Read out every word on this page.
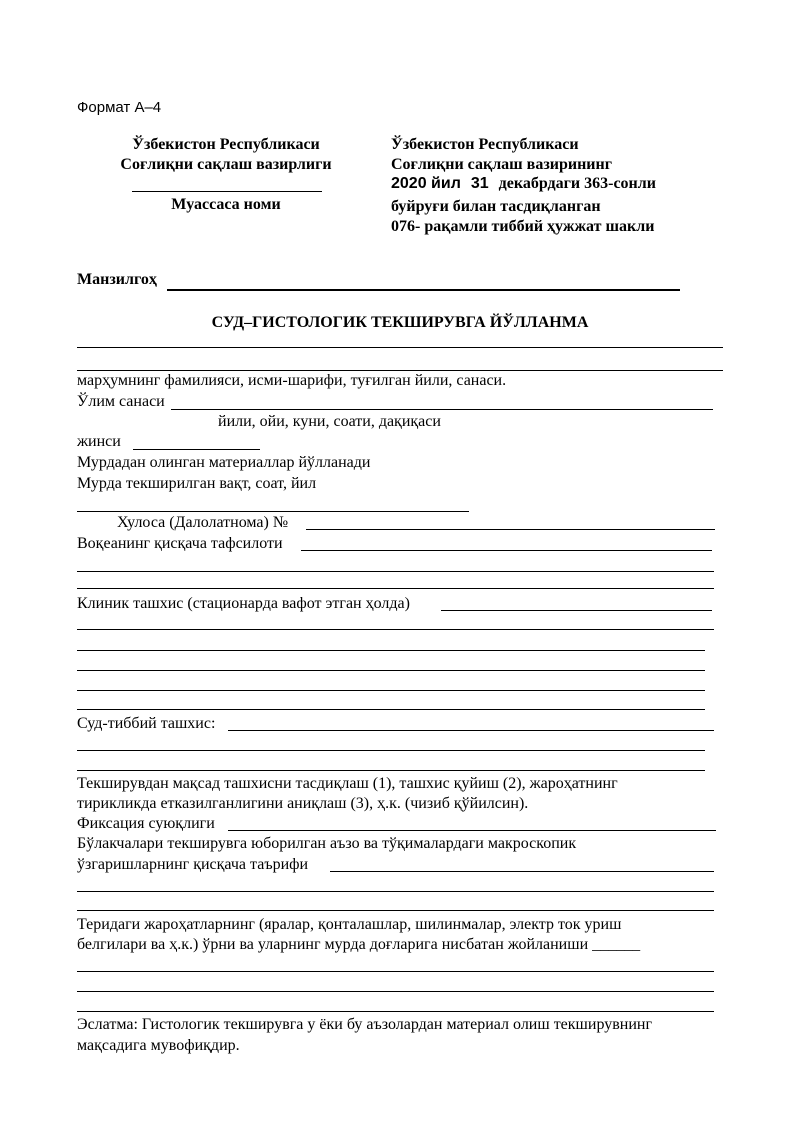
Формат А–4
Ўзбекистон Республикаси
Соғлиқни сақлаш вазирлиги
Муассаса номи
Ўзбекистон Республикаси
Соғлиқни сақлаш вазирининг
2020 йил 31 декабрдаги 363-сонли
буйруғи билан тасдиқланган
076- рақамли тиббий ҳужжат шакли
Манзилгоҳ
СУД–ГИСТОЛОГИК ТЕКШИРУВГА ЙЎЛЛАНМА
марҳумнинг фамилияси, исми-шарифи, туғилган йили, санаси.
Ўлим санаси
йили, ойи, куни, соати, дақиқаси
жинси
Мурдадан олинган материаллар йўлланади
Мурда текширилган вақт, соат, йил
Хулоса (Далолатнома) №
Воқеанинг қисқача тафсилоти
Клиник ташхис (стационарда вафот этган ҳолда)
Суд-тиббий ташхис:
Текширувдан мақсад ташхисни тасдиқлаш (1), ташхис қуйиш (2), жароҳатнинг
тирикликда етказилганлигини аниқлаш (3), ҳ.к. (чизиб қўйилсин).
Фиксация суюқлиги
Бўлакчалари текширувга юборилган аъзо ва тўқималардаги макроскопик
ўзгаришларнинг қисқача таърифи
Теридаги жароҳатларнинг (яралар, қонталашлар, шилинмалар, электр ток уриш
белгилари ва ҳ.к.) ўрни ва уларнинг мурда доғларига нисбатан жойланиши ______
Эслатма: Гистологик текширувга у ёки бу аъзолардан материал олиш текширувнинг
мақсадига мувофиқдир.
